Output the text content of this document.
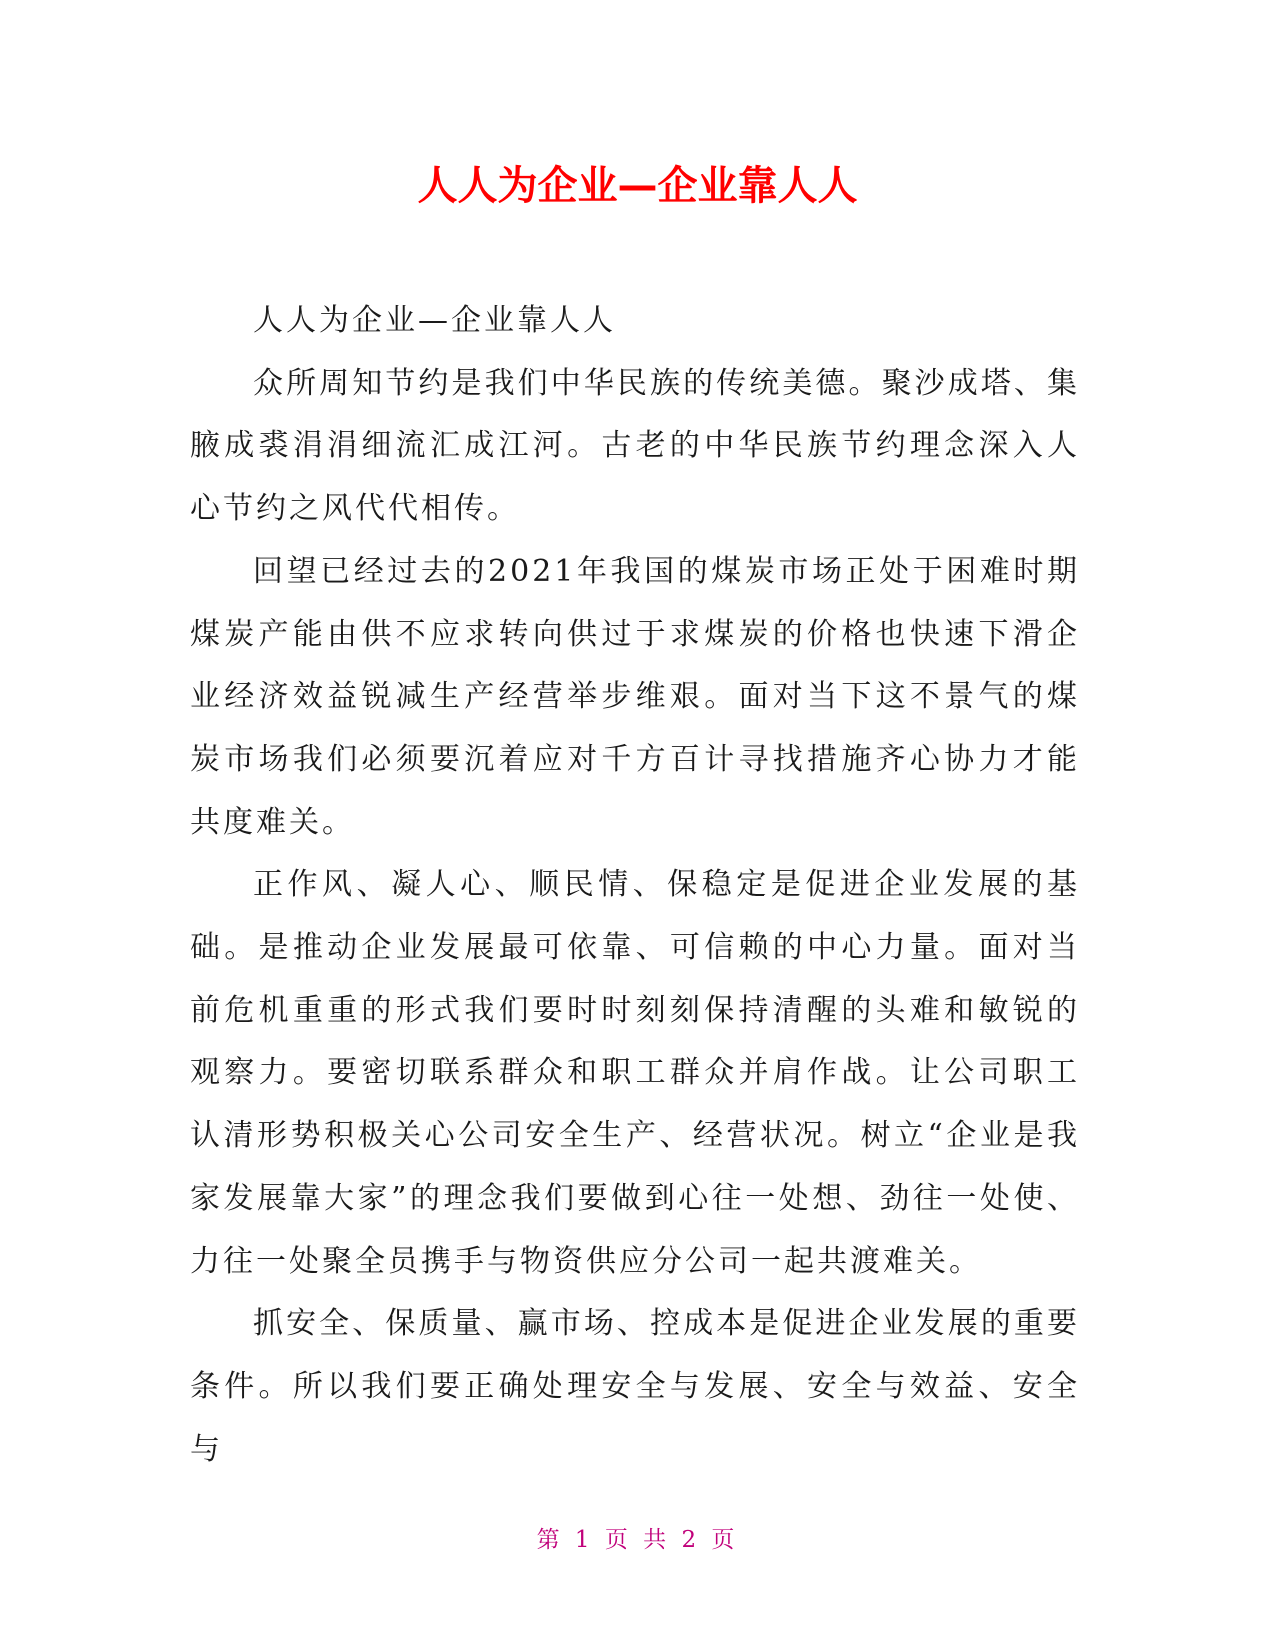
人人为企业—企业靠人人

人人为企业—企业靠人人

众所周知节约是我们中华民族的传统美德。聚沙成塔、集腋成裘涓涓细流汇成江河。古老的中华民族节约理念深入人心节约之风代代相传。

回望已经过去的2021年我国的煤炭市场正处于困难时期煤炭产能由供不应求转向供过于求煤炭的价格也快速下滑企业经济效益锐减生产经营举步维艰。面对当下这不景气的煤炭市场我们必须要沉着应对千方百计寻找措施齐心协力才能共度难关。

正作风、凝人心、顺民情、保稳定是促进企业发展的基础。是推动企业发展最可依靠、可信赖的中心力量。面对当前危机重重的形式我们要时时刻刻保持清醒的头难和敏锐的观察力。要密切联系群众和职工群众并肩作战。让公司职工认清形势积极关心公司安全生产、经营状况。树立“企业是我家发展靠大家”的理念我们要做到心往一处想、劲往一处使、力往一处聚全员携手与物资供应分公司一起共渡难关。

抓安全、保质量、赢市场、控成本是促进企业发展的重要条件。所以我们要正确处理安全与发展、安全与效益、安全与

第 1 页 共 2 页
